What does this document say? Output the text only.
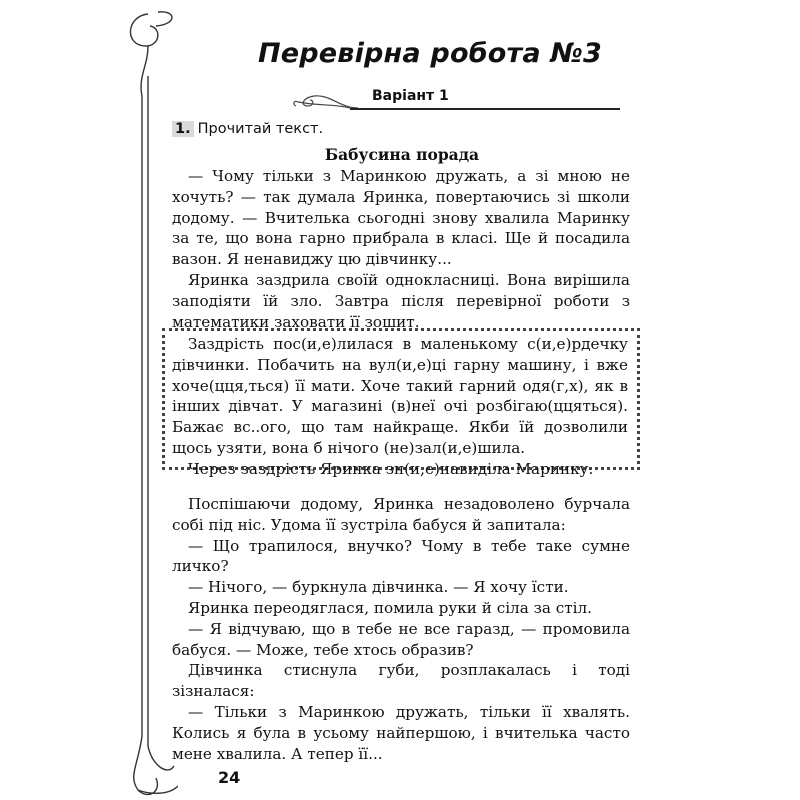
Перевірна робота №3
Варіант 1
1. Прочитай текст.
Бабусина порада

— Чому тільки з Маринкою дружать, а зі мною не хочуть? — так думала Яринка, повертаючись зі школи додому. — Вчителька сьогодні знову хвалила Маринку за те, що вона гарно прибрала в класі. Ще й посадила вазон. Я ненавиджу цю дівчинку...

Яринка заздрила своїй однокласниці. Вона вирішила заподіяти їй зло. Завтра після перевірної роботи з математики заховати її зошит.

Заздрість пос(и,е)лилася в маленькому с(и,е)рдечку дівчинки. Побачить на вул(и,е)ці гарну машину, і вже хоче(цця,ться) її мати. Хоче такий гарний одя(г,х), як в інших дівчат. У магазині (в)неї очі розбігаю(ццяться). Бажає вс..ого, що там найкраще. Якби їй дозволили щось узяти, вона б нічого (не)зал(и,е)шила.

Через заздрість Яринка зн(и,е)навиділа Маринку.

Поспішаючи додому, Яринка незадоволено бурчала собі під ніс. Удома її зустріла бабуся й запитала:

— Що трапилося, внучко? Чому в тебе таке сумне личко?

— Нічого, — буркнула дівчинка. — Я хочу їсти.

Яринка переодяглася, помила руки й сіла за стіл.

— Я відчуваю, що в тебе не все гаразд, — промовила бабуся. — Може, тебе хтось образив?

Дівчинка стиснула губи, розплакалась і тоді зізналася:

— Тільки з Маринкою дружать, тільки її хвалять. Колись я була в усьому найпершою, і вчителька часто мене хвалила. А тепер її...

24
